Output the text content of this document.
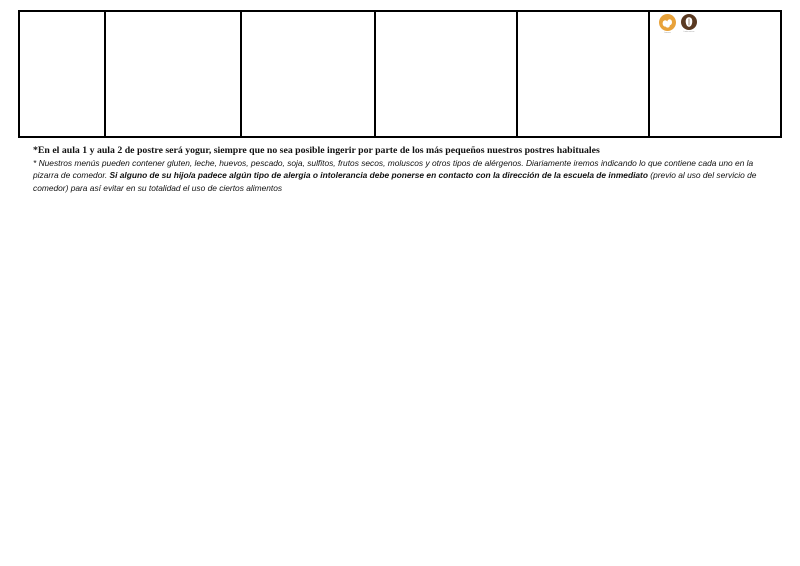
huevos	frutos secos

*En el aula 1 y aula 2 de postre será yogur, siempre que no sea posible ingerir por parte de los más pequeños nuestros postres habituales

* Nuestros menús pueden contener gluten, leche, huevos, pescado, soja, sulfitos, frutos secos, moluscos y otros tipos de alérgenos. Diariamente iremos indicando lo que contiene cada uno en la pizarra de comedor. Si alguno de su hijo/a padece algún tipo de alergia o intolerancia debe ponerse en contacto con la dirección de la escuela de inmediato (previo al uso del servicio de comedor) para así evitar en su totalidad el uso de ciertos alimentos
